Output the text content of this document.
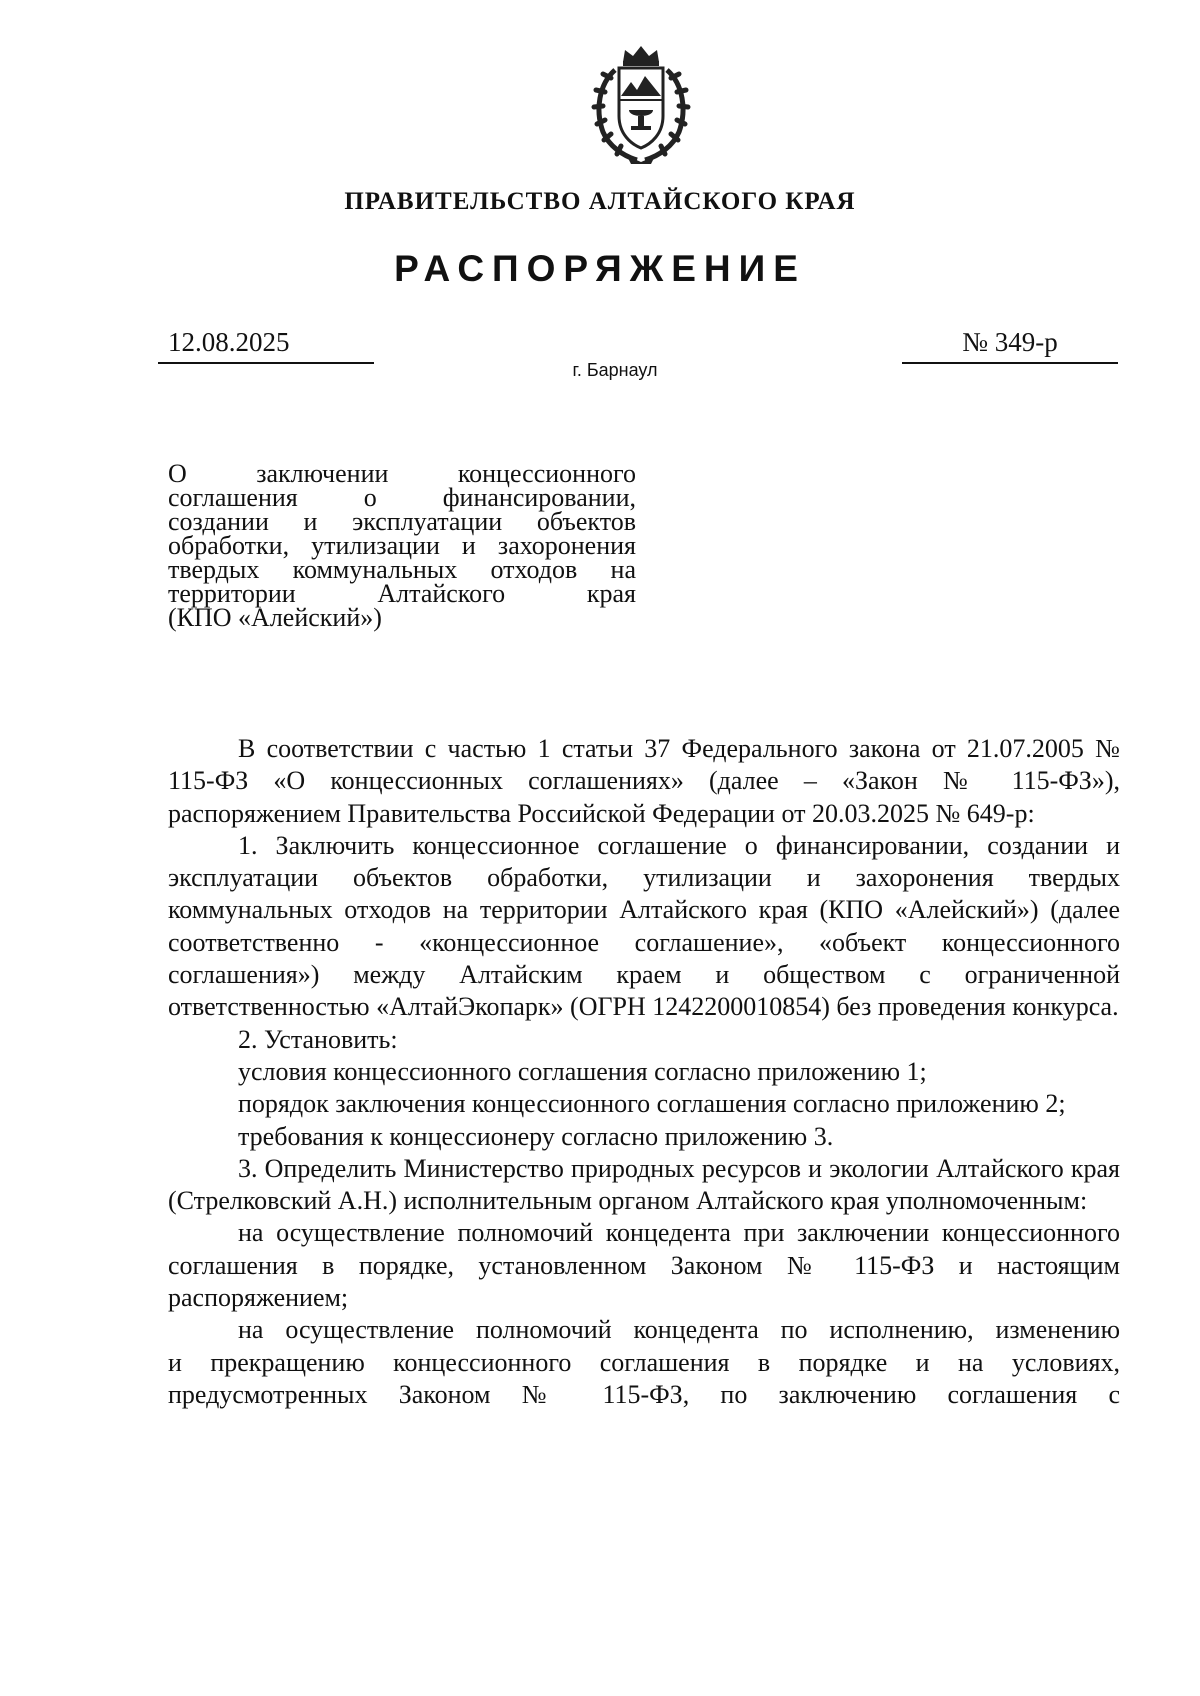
ПРАВИТЕЛЬСТВО АЛТАЙСКОГО КРАЯ
РАСПОРЯЖЕНИЕ
12.08.2025	№ 349-р
г. Барнаул
О заключении концессионного
соглашения о финансировании,
создании и эксплуатации объектов
обработки, утилизации и захоронения
твердых коммунальных отходов на
территории Алтайского края
(КПО «Алейский»)

В соответствии с частью 1 статьи 37 Федерального закона от 21.07.2005 № 115-ФЗ «О концессионных соглашениях» (далее – «Закон № 115-ФЗ»), распоряжением Правительства Российской Федерации от 20.03.2025 № 649-р:

1. Заключить концессионное соглашение о финансировании, создании и эксплуатации объектов обработки, утилизации и захоронения твердых коммунальных отходов на территории Алтайского края (КПО «Алейский») (далее соответственно - «концессионное соглашение», «объект концессионного соглашения») между Алтайским краем и обществом с ограниченной ответственностью «АлтайЭкопарк» (ОГРН 1242200010854) без проведения конкурса.

2. Установить:

условия концессионного соглашения согласно приложению 1;

порядок заключения концессионного соглашения согласно приложению 2;

требования к концессионеру согласно приложению 3.

3. Определить Министерство природных ресурсов и экологии Алтайского края (Стрелковский А.Н.) исполнительным органом Алтайского края уполномоченным:

на осуществление полномочий концедента при заключении концессионного соглашения в порядке, установленном Законом № 115-ФЗ и настоящим распоряжением;

на осуществление полномочий концедента по исполнению, изменению

и прекращению концессионного соглашения в порядке и на условиях,

предусмотренных Законом № 115-ФЗ, по заключению соглашения с
